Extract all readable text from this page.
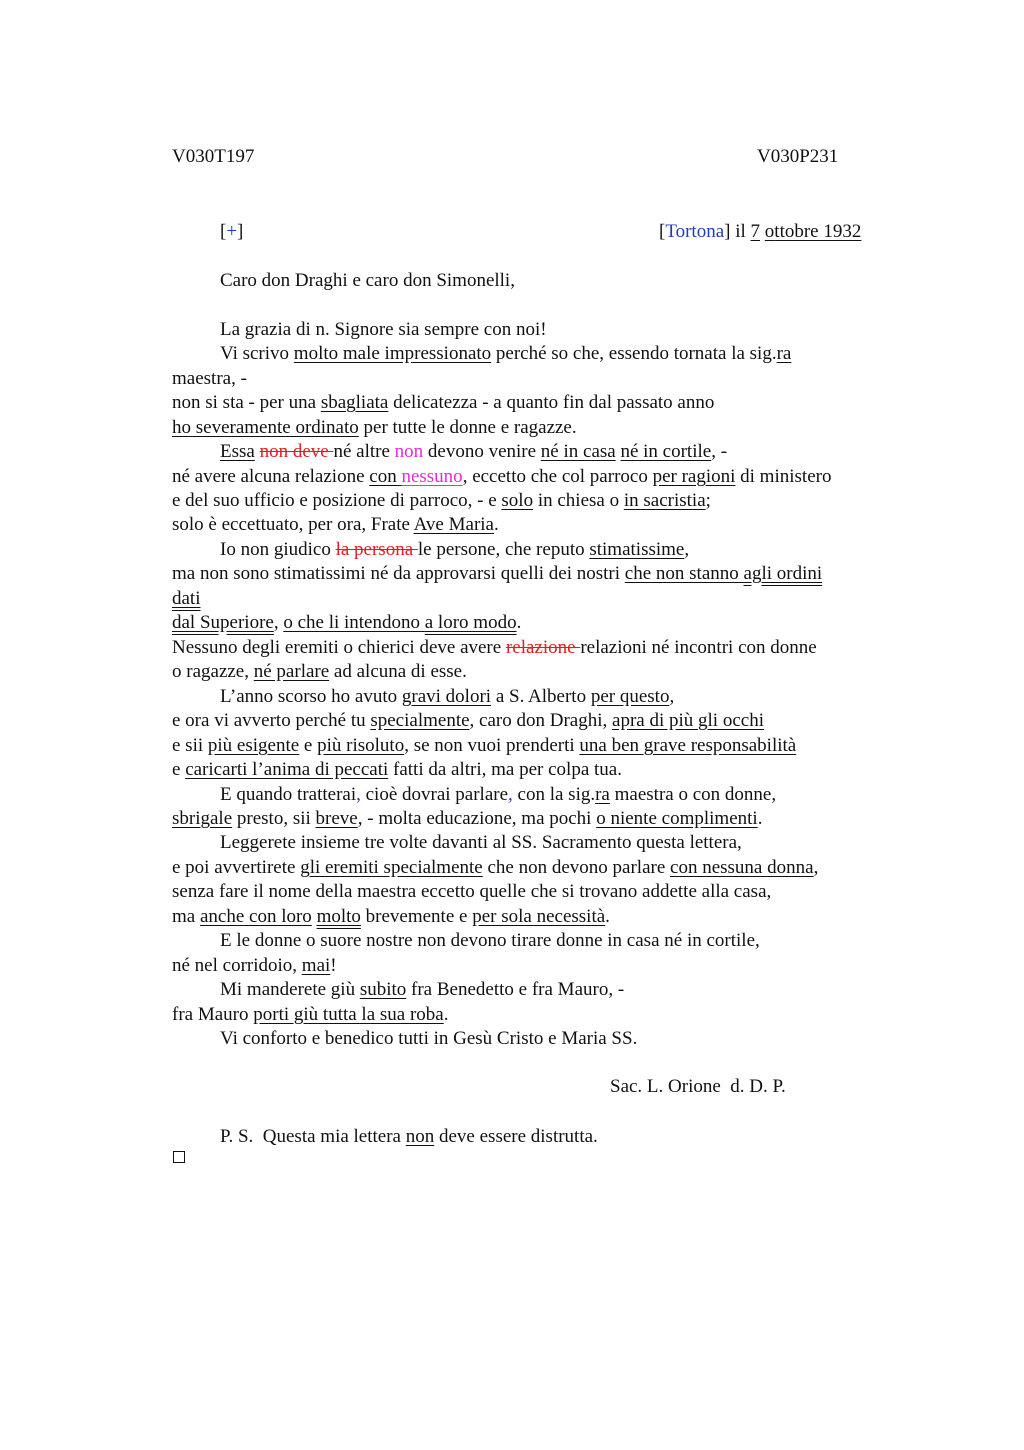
V030T197	V030P231
[+]	[Tortona] il 7 ottobre 1932
Caro don Draghi e caro don Simonelli,
La grazia di n. Signore sia sempre con noi!
Vi scrivo molto male impressionato perché so che, essendo tornata la sig.ra
maestra, -
non si sta - per una sbagliata delicatezza - a quanto fin dal passato anno
ho severamente ordinato per tutte le donne e ragazze.
Essa non deve né altre non devono venire né in casa né in cortile, -
né avere alcuna relazione con nessuno, eccetto che col parroco per ragioni di ministero
e del suo ufficio e posizione di parroco, - e solo in chiesa o in sacristia;
solo è eccettuato, per ora, Frate Ave Maria.
Io non giudico la persona le persone, che reputo stimatissime,
ma non sono stimatissimi né da approvarsi quelli dei nostri che non stanno agli ordini
dati
dal Superiore, o che li intendono a loro modo.
Nessuno degli eremiti o chierici deve avere relazione relazioni né incontri con donne
o ragazze, né parlare ad alcuna di esse.
L’anno scorso ho avuto gravi dolori a S. Alberto per questo,
e ora vi avverto perché tu specialmente, caro don Draghi, apra di più gli occhi
e sii più esigente e più risoluto, se non vuoi prenderti una ben grave responsabilità
e caricarti l’anima di peccati fatti da altri, ma per colpa tua.
E quando tratterai, cioè dovrai parlare, con la sig.ra maestra o con donne,
sbrigale presto, sii breve, - molta educazione, ma pochi o niente complimenti.
Leggerete insieme tre volte davanti al SS. Sacramento questa lettera,
e poi avvertirete gli eremiti specialmente che non devono parlare con nessuna donna,
senza fare il nome della maestra eccetto quelle che si trovano addette alla casa,
ma anche con loro molto brevemente e per sola necessità.
E le donne o suore nostre non devono tirare donne in casa né in cortile,
né nel corridoio, mai!
Mi manderete giù subito fra Benedetto e fra Mauro, -
fra Mauro porti giù tutta la sua roba.
Vi conforto e benedico tutti in Gesù Cristo e Maria SS.
Sac. L. Orione  d. D. P.
P. S.  Questa mia lettera non deve essere distrutta.
